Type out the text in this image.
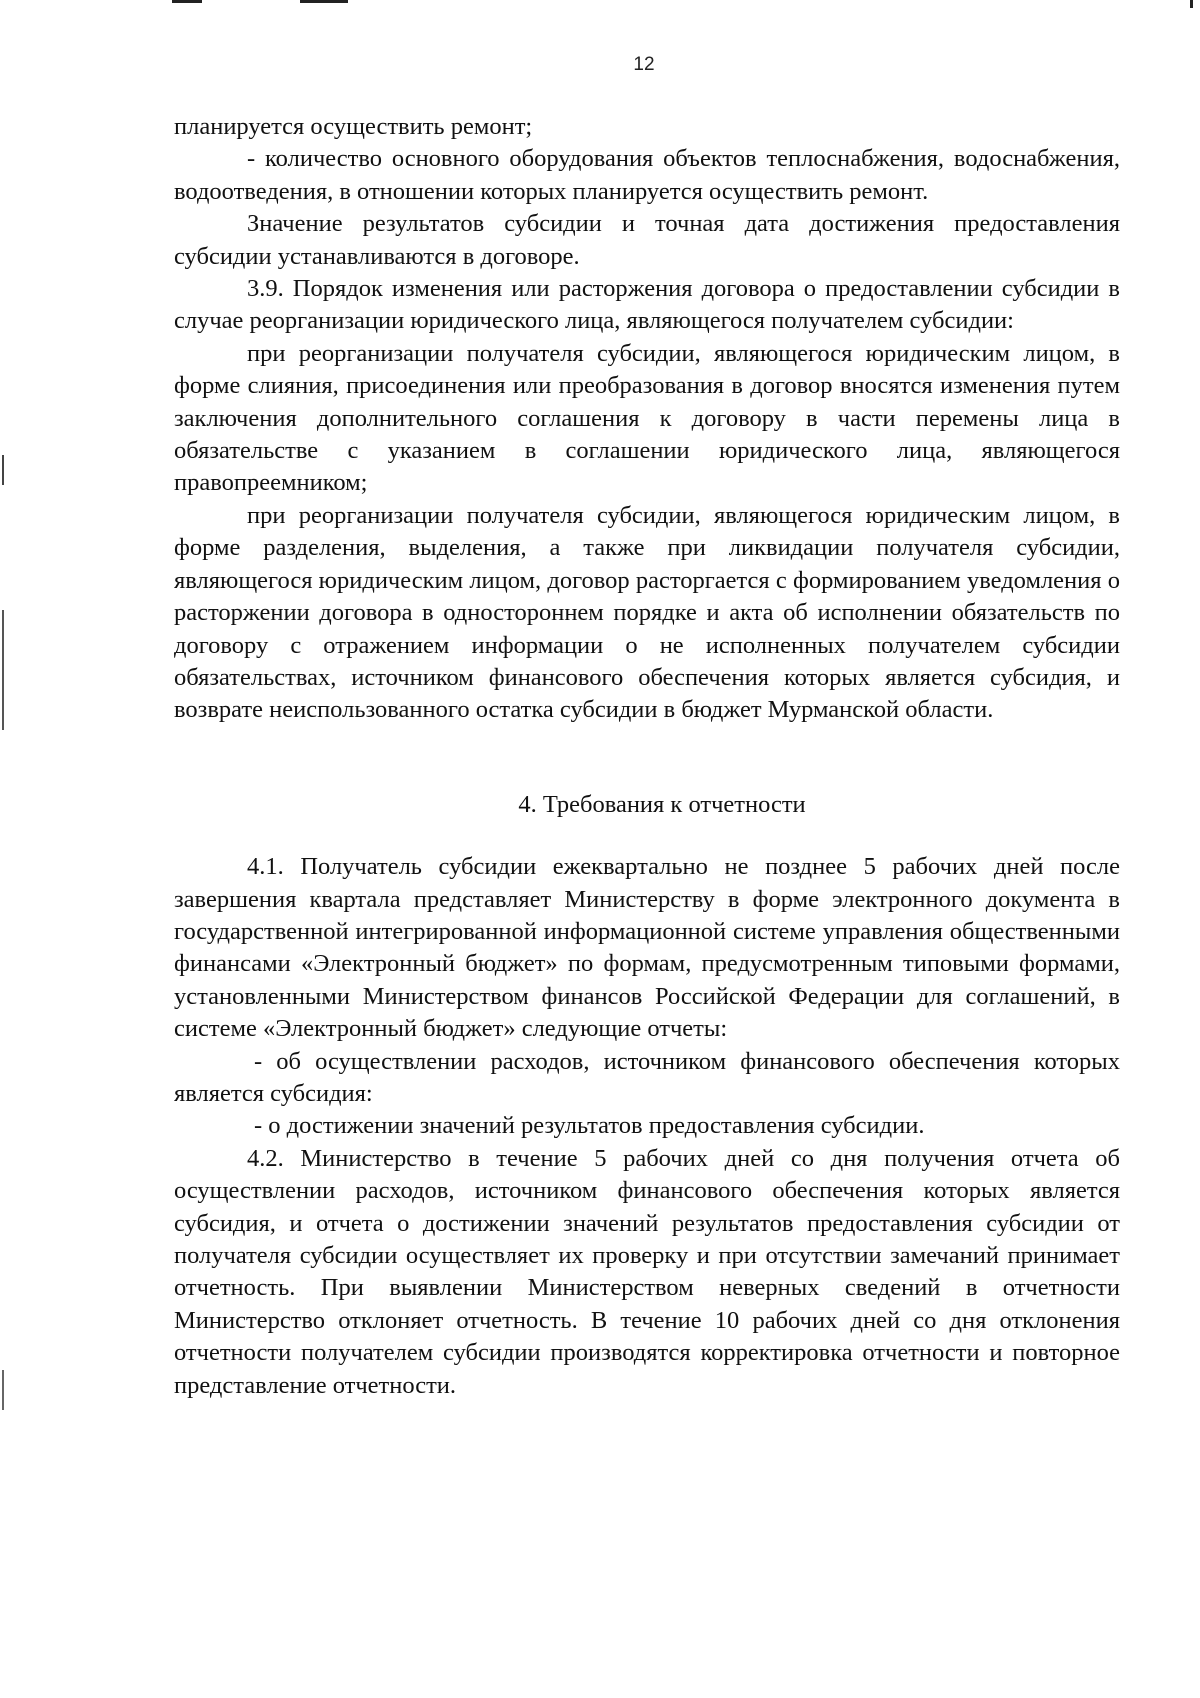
12

планируется осуществить ремонт;

- количество основного оборудования объектов теплоснабжения, водоснабжения, водоотведения, в отношении которых планируется осуществить ремонт.

Значение результатов субсидии и точная дата достижения предоставления субсидии устанавливаются в договоре.

3.9. Порядок изменения или расторжения договора о предоставлении субсидии в случае реорганизации юридического лица, являющегося получателем субсидии:

при реорганизации получателя субсидии, являющегося юридическим лицом, в форме слияния, присоединения или преобразования в договор вносятся изменения путем заключения дополнительного соглашения к договору в части перемены лица в обязательстве с указанием в соглашении юридического лица, являющегося правопреемником;

при реорганизации получателя субсидии, являющегося юридическим лицом, в форме разделения, выделения, а также при ликвидации получателя субсидии, являющегося юридическим лицом, договор расторгается с формированием уведомления о расторжении договора в одностороннем порядке и акта об исполнении обязательств по договору с отражением информации о не исполненных получателем субсидии обязательствах, источником финансового обеспечения которых является субсидия, и возврате неиспользованного остатка субсидии в бюджет Мурманской области.

4. Требования к отчетности

4.1. Получатель субсидии ежеквартально не позднее 5 рабочих дней после завершения квартала представляет Министерству в форме электронного документа в государственной интегрированной информационной системе управления общественными финансами «Электронный бюджет» по формам, предусмотренным типовыми формами, установленными Министерством финансов Российской Федерации для соглашений, в системе «Электронный бюджет» следующие отчеты:

- об осуществлении расходов, источником финансового обеспечения которых является субсидия:

- о достижении значений результатов предоставления субсидии.

4.2. Министерство в течение 5 рабочих дней со дня получения отчета об осуществлении расходов, источником финансового обеспечения которых является субсидия, и отчета о достижении значений результатов предоставления субсидии от получателя субсидии осуществляет их проверку и при отсутствии замечаний принимает отчетность. При выявлении Министерством неверных сведений в отчетности Министерство отклоняет отчетность. В течение 10 рабочих дней со дня отклонения отчетности получателем субсидии производятся корректировка отчетности и повторное представление отчетности.
